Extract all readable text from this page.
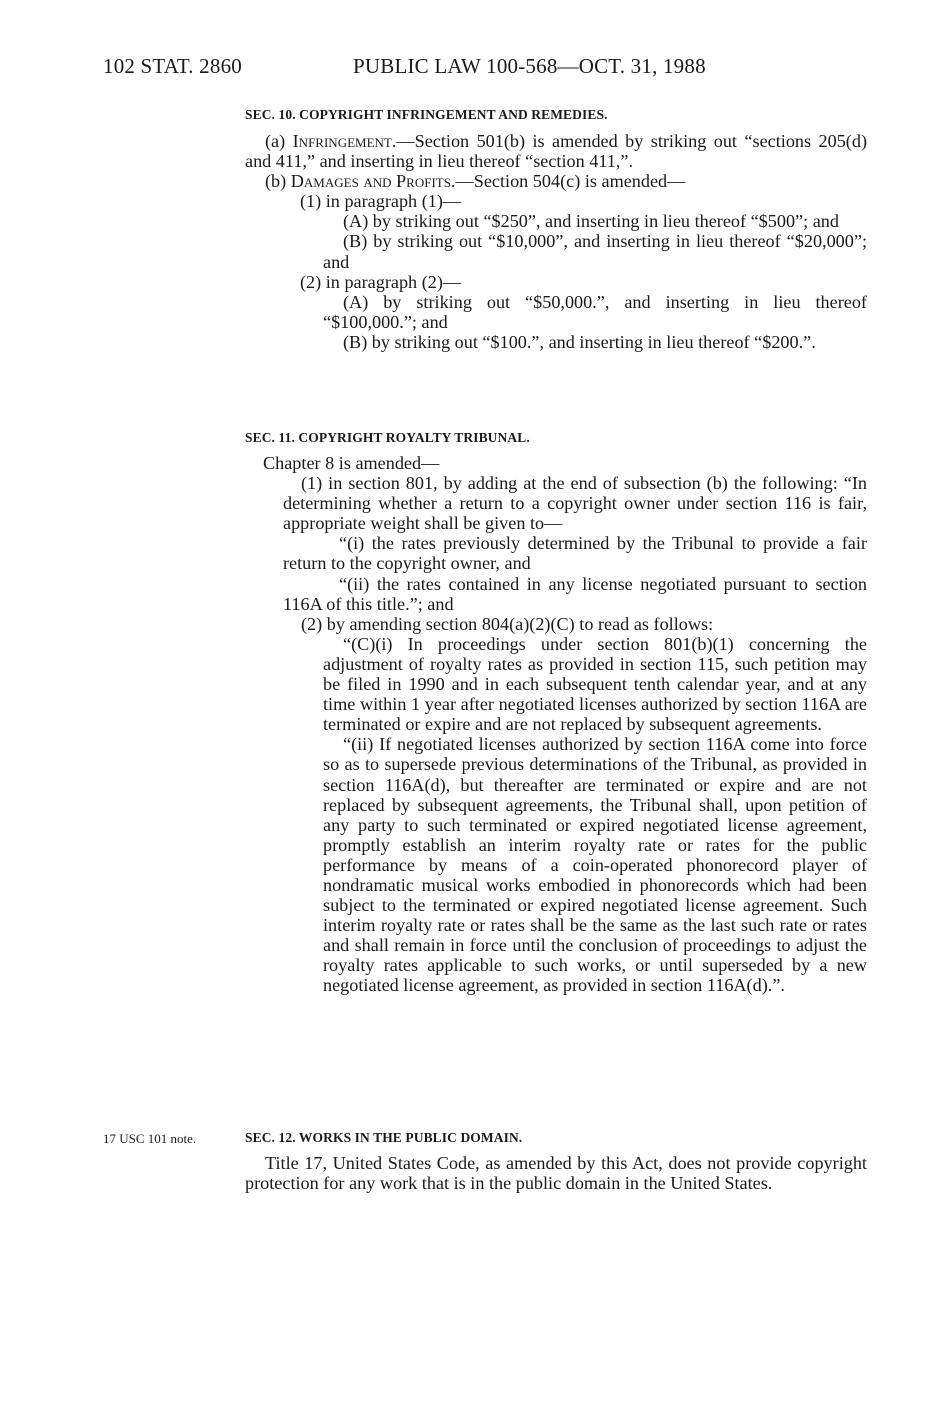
102 STAT. 2860	PUBLIC LAW 100-568—OCT. 31, 1988
SEC. 10. COPYRIGHT INFRINGEMENT AND REMEDIES.

(a) Infringement.—Section 501(b) is amended by striking out “sections 205(d) and 411,” and inserting in lieu thereof “section 411,”.

(b) Damages and Profits.—Section 504(c) is amended—

(1) in paragraph (1)—

(A) by striking out “$250”, and inserting in lieu thereof “$500”; and

(B) by striking out “$10,000”, and inserting in lieu thereof “$20,000”; and

(2) in paragraph (2)—

(A) by striking out “$50,000.”, and inserting in lieu thereof “$100,000.”; and

(B) by striking out “$100.”, and inserting in lieu thereof “$200.”.

SEC. 11. COPYRIGHT ROYALTY TRIBUNAL.

Chapter 8 is amended—

(1) in section 801, by adding at the end of subsection (b) the following: “In determining whether a return to a copyright owner under section 116 is fair, appropriate weight shall be given to—

“(i) the rates previously determined by the Tribunal to provide a fair return to the copyright owner, and

“(ii) the rates contained in any license negotiated pursuant to section 116A of this title.”; and

(2) by amending section 804(a)(2)(C) to read as follows:

“(C)(i) In proceedings under section 801(b)(1) concerning the adjustment of royalty rates as provided in section 115, such petition may be filed in 1990 and in each subsequent tenth calendar year, and at any time within 1 year after negotiated licenses authorized by section 116A are terminated or expire and are not replaced by subsequent agreements.

“(ii) If negotiated licenses authorized by section 116A come into force so as to supersede previous determinations of the Tribunal, as provided in section 116A(d), but thereafter are terminated or expire and are not replaced by subsequent agreements, the Tribunal shall, upon petition of any party to such terminated or expired negotiated license agreement, promptly establish an interim royalty rate or rates for the public performance by means of a coin-operated phonorecord player of nondramatic musical works embodied in phonorecords which had been subject to the terminated or expired negotiated license agreement. Such interim royalty rate or rates shall be the same as the last such rate or rates and shall remain in force until the conclusion of proceedings to adjust the royalty rates applicable to such works, or until superseded by a new negotiated license agreement, as provided in section 116A(d).”.

17 USC 101 note.	SEC. 12. WORKS IN THE PUBLIC DOMAIN.

Title 17, United States Code, as amended by this Act, does not provide copyright protection for any work that is in the public domain in the United States.
